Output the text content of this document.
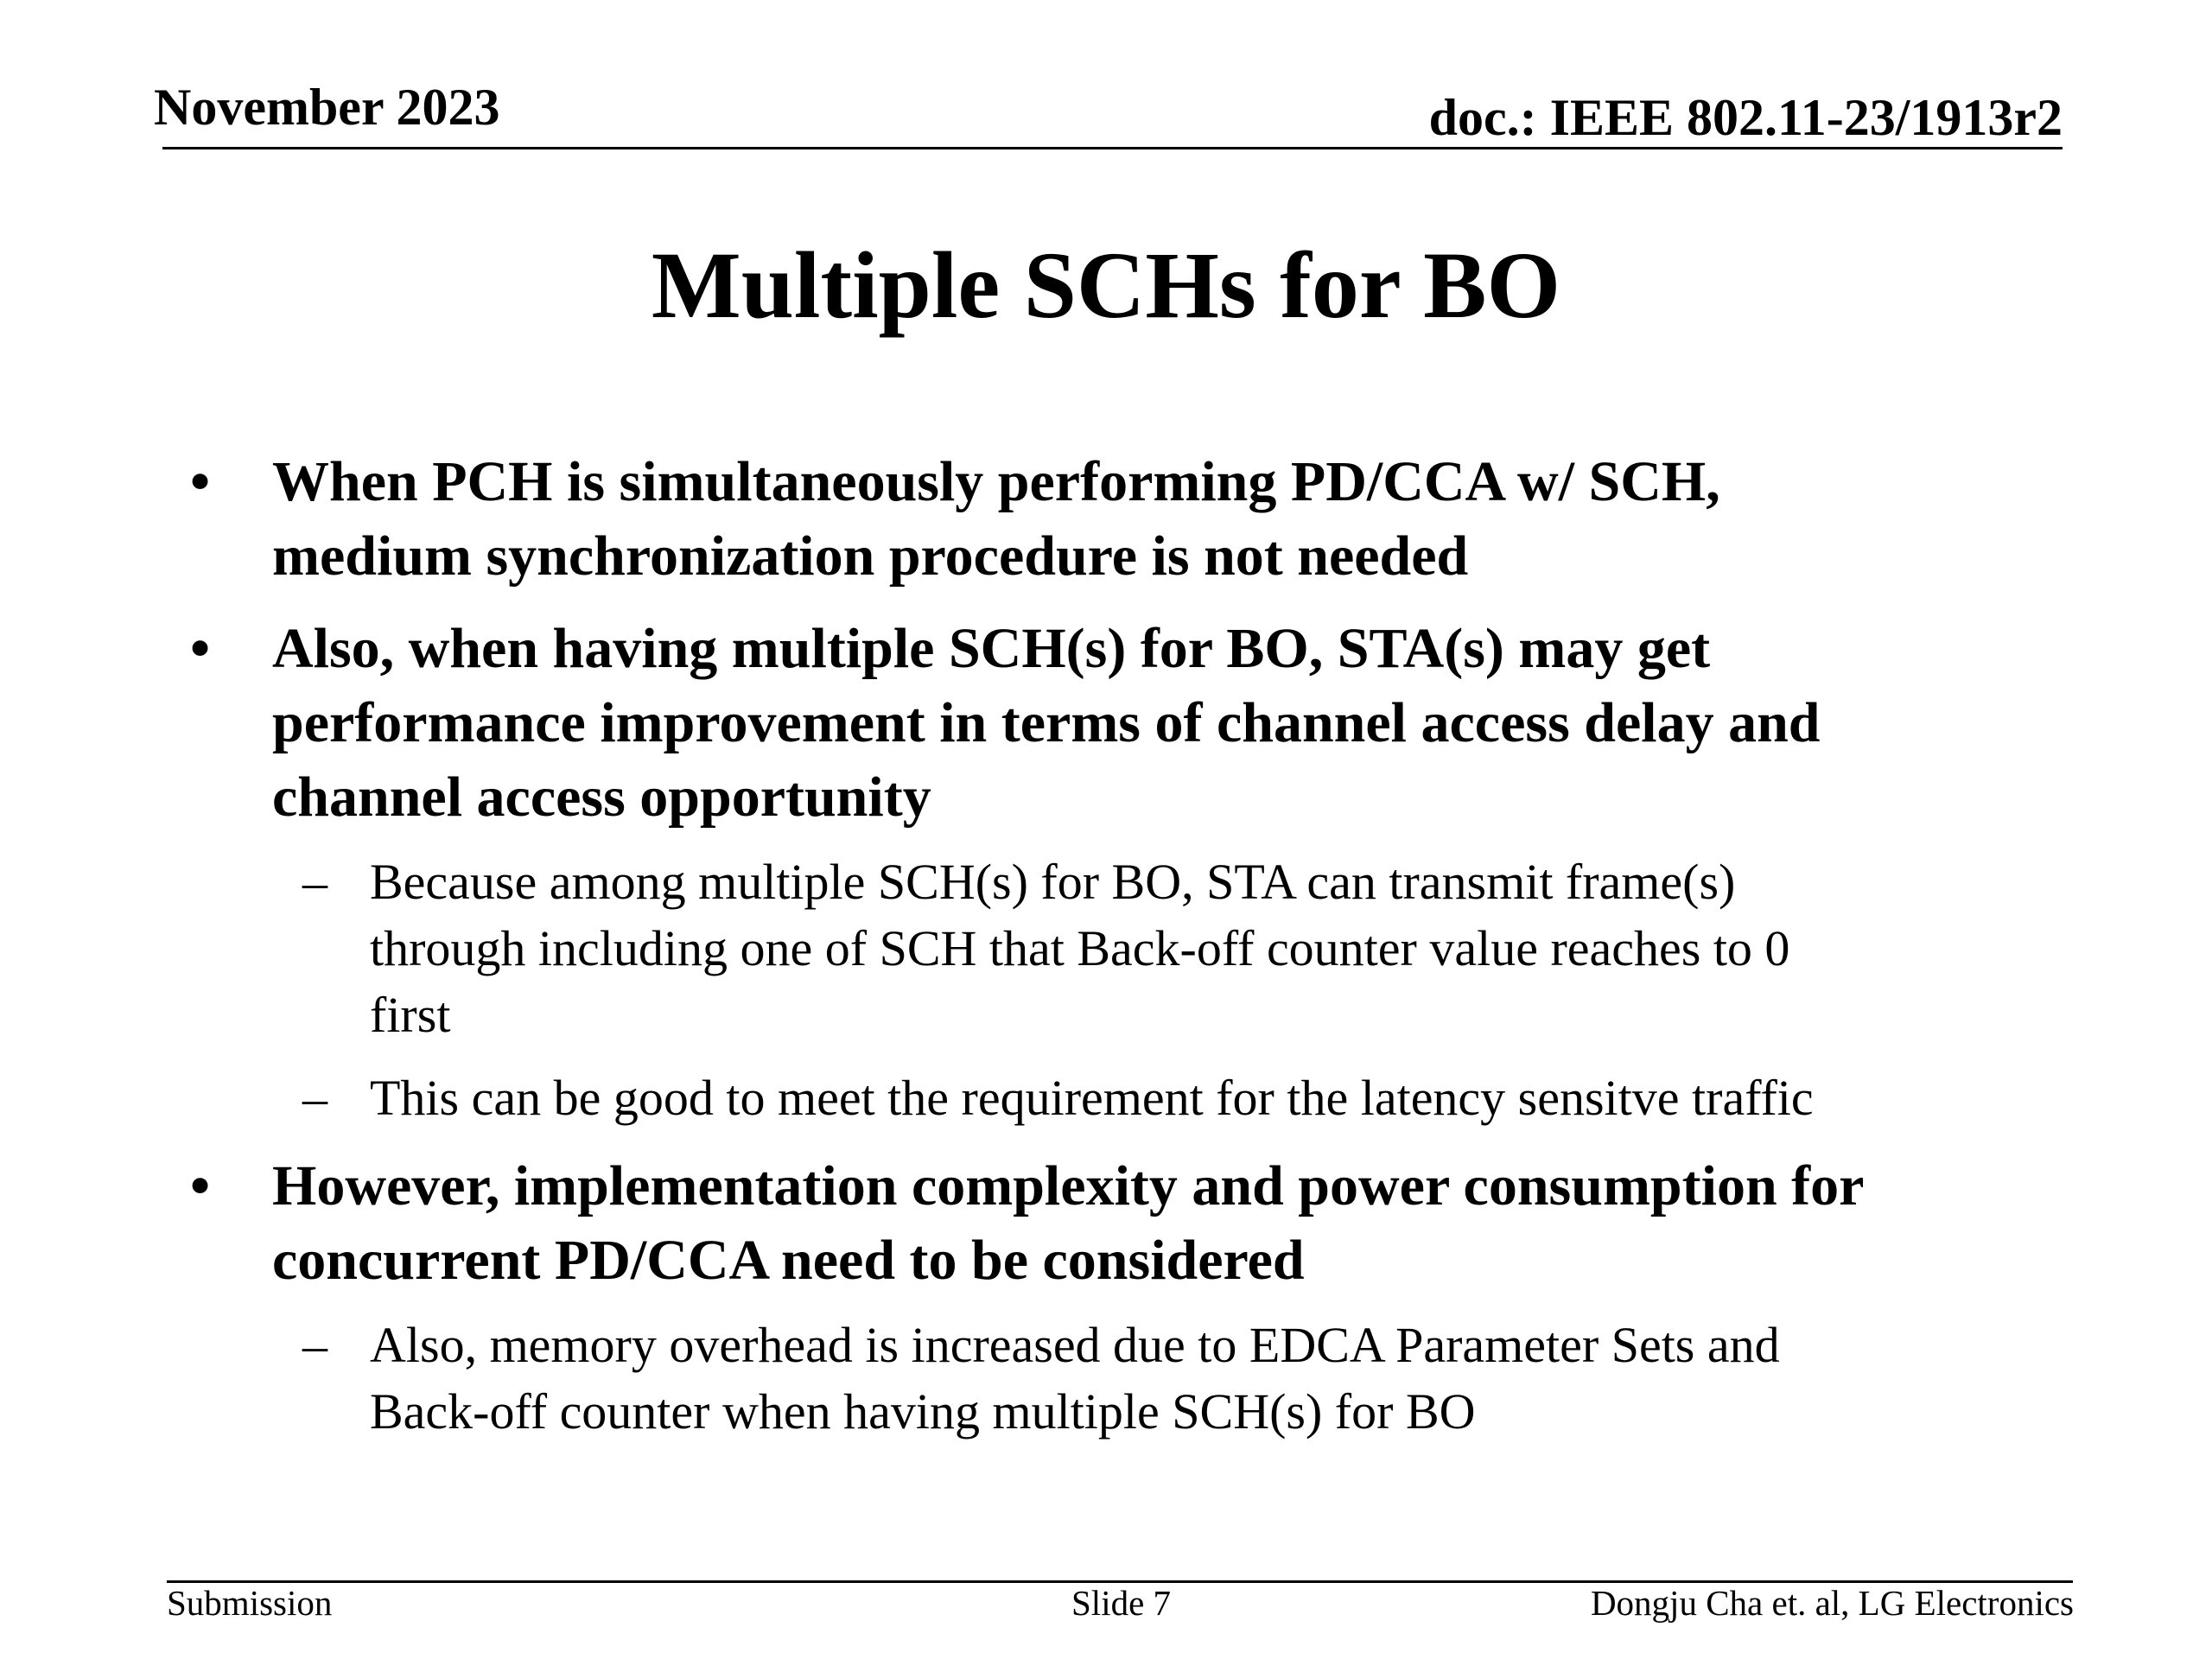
November 2023	doc.: IEEE 802.11-23/1913r2
Multiple SCHs for BO
• When PCH is simultaneously performing PD/CCA w/ SCH,
medium synchronization procedure is not needed
• Also, when having multiple SCH(s) for BO, STA(s) may get
performance improvement in terms of channel access delay and
channel access opportunity
– Because among multiple SCH(s) for BO, STA can transmit frame(s)
through including one of SCH that Back-off counter value reaches to 0
first
– This can be good to meet the requirement for the latency sensitve traffic
• However, implementation complexity and power consumption for
concurrent PD/CCA need to be considered
– Also, memory overhead is increased due to EDCA Parameter Sets and
Back-off counter when having multiple SCH(s) for BO
Submission	Slide 7	Dongju Cha et. al, LG Electronics
